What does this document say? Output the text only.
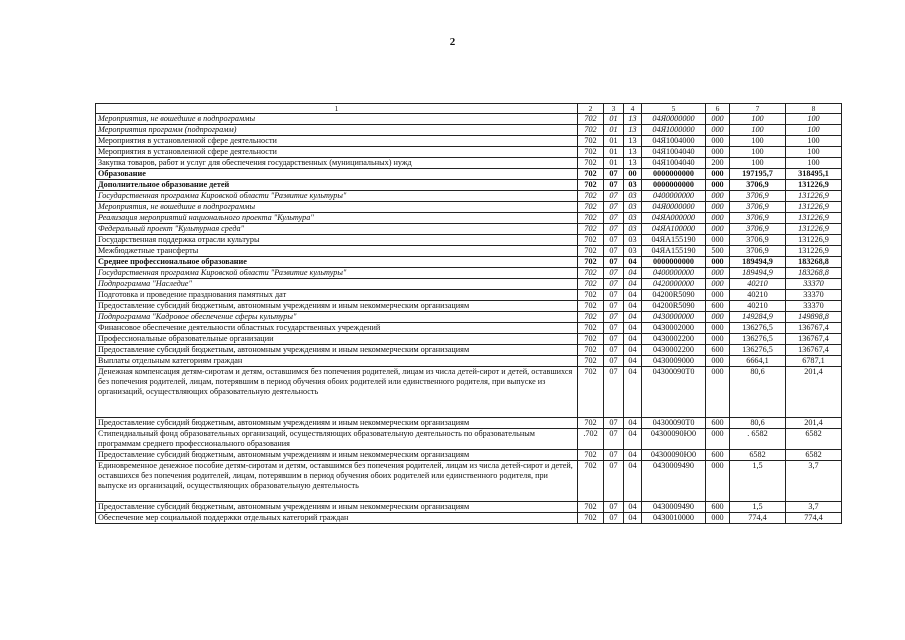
2
1	2	3	4	5	6	7	8
Мероприятия, не вошедшие в подпрограммы	702	01	13	04Я0000000	000	100	100
Мероприятия программ (подпрограмм)	702	01	13	04Я1000000	000	100	100
Мероприятия в установленной сфере деятельности	702	01	13	04Я1004000	000	100	100
Мероприятия в установленной сфере деятельности	702	01	13	04Я1004040	000	100	100
Закупка товаров, работ и услуг для обеспечения государственных (муниципальных) нужд	702	01	13	04Я1004040	200	100	100
Образование	702	07	00	0000000000	000	197195,7	318495,1
Дополнительное образование детей	702	07	03	0000000000	000	3706,9	131226,9
Государственная программа Кировской области "Развитие культуры"	702	07	03	0400000000	000	3706,9	131226,9
Мероприятия, не вошедшие в подпрограммы	702	07	03	04Я0000000	000	3706,9	131226,9
Реализация мероприятий национального проекта "Культура"	702	07	03	04ЯА000000	000	3706,9	131226,9
Федеральный проект "Культурная среда"	702	07	03	04ЯА100000	000	3706,9	131226,9
Государственная поддержка отрасли культуры	702	07	03	04ЯА155190	000	3706,9	131226,9
Межбюджетные трансферты	702	07	03	04ЯА155190	500	3706,9	131226,9
Среднее профессиональное образование	702	07	04	0000000000	000	189494,9	183268,8
Государственная программа Кировской области "Развитие культуры"	702	07	04	0400000000	000	189494,9	183268,8
Подпрограмма "Наследие"	702	07	04	0420000000	000	40210	33370
Подготовка и проведение празднования памятных дат	702	07	04	04200R5090	000	40210	33370
Предоставление субсидий бюджетным, автономным учреждениям и иным некоммерческим организациям	702	07	04	04200R5090	600	40210	33370
Подпрограмма "Кадровое обеспечение сферы культуры"	702	07	04	0430000000	000	149284,9	149898,8
Финансовое обеспечение деятельности областных государственных учреждений	702	07	04	0430002000	000	136276,5	136767,4
Профессиональные образовательные организации	702	07	04	0430002200	000	136276,5	136767,4
Предоставление субсидий бюджетным, автономным учреждениям и иным некоммерческим организациям	702	07	04	0430002200	600	136276,5	136767,4
Выплаты отдельным категориям граждан	702	07	04	0430009000	000	6664,1	6787,1
Денежная компенсация детям-сиротам и детям, оставшимся без попечения родителей, лицам из числа детей-сирот и детей, оставшихся без попечения родителей, лицам, потерявшим в период обучения обоих родителей или единственного родителя, при выпуске из организаций, осуществляющих образовательную деятельность	702	07	04	04300090Т0	000	80,6	201,4
Предоставление субсидий бюджетным, автономным учреждениям и иным некоммерческим организациям	702	07	04	04300090Т0	600	80,6	201,4
Стипендиальный фонд образовательных организаций, осуществляющих образовательную деятельность по образовательным программам среднего профессионального образования	.702	07	04	04300090Ю0	000	. 6582	6582
Предоставление субсидий бюджетным, автономным учреждениям и иным некоммерческим организациям	702	07	04	04300090Ю0	600	6582	6582
Единовременное денежное пособие детям-сиротам и детям, оставшимся без попечения родителей, лицам из числа детей-сирот и детей, оставшихся без попечения родителей, лицам, потерявшим в период обучения обоих родителей или единственного родителя, при выпуске из организаций, осуществляющих образовательную деятельность	702	07	04	0430009490	000	1,5	3,7
Предоставление субсидий бюджетным, автономным учреждениям и иным некоммерческим организациям	702	07	04	0430009490	600	1,5	3,7
Обеспечение мер социальной поддержки отдельных категорий граждан	702	07	04	0430010000	000	774,4	774,4
